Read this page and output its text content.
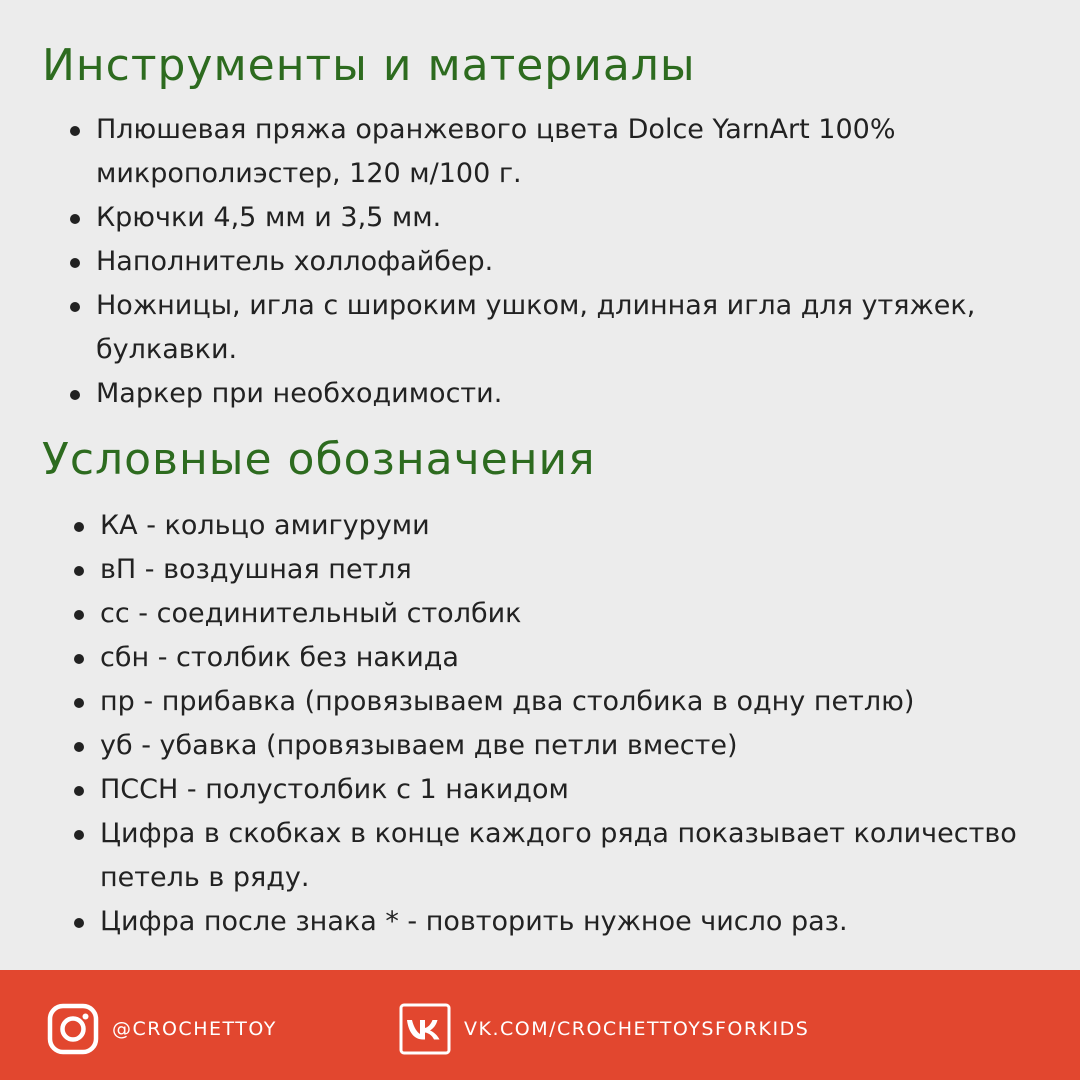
Инструменты и материалы
Плюшевая пряжа оранжевого цвета Dolce YarnArt 100% микрополиэстер, 120 м/100 г.
Крючки 4,5 мм и 3,5 мм.
Наполнитель холлофайбер.
Ножницы, игла с широким ушком, длинная игла для утяжек, булкавки.
Маркер при необходимости.
Условные обозначения
КА - кольцо амигуруми
вП - воздушная петля
сс - соединительный столбик
сбн - столбик без накида
пр - прибавка (провязываем два столбика в одну петлю)
уб - убавка (провязываем две петли вместе)
ПССН - полустолбик с 1 накидом
Цифра в скобках в конце каждого ряда показывает количество петель в ряду.
Цифра после знака * - повторить нужное число раз.
@CROCHETTOY	VK.COM/CROCHETTOYSFORKIDS
